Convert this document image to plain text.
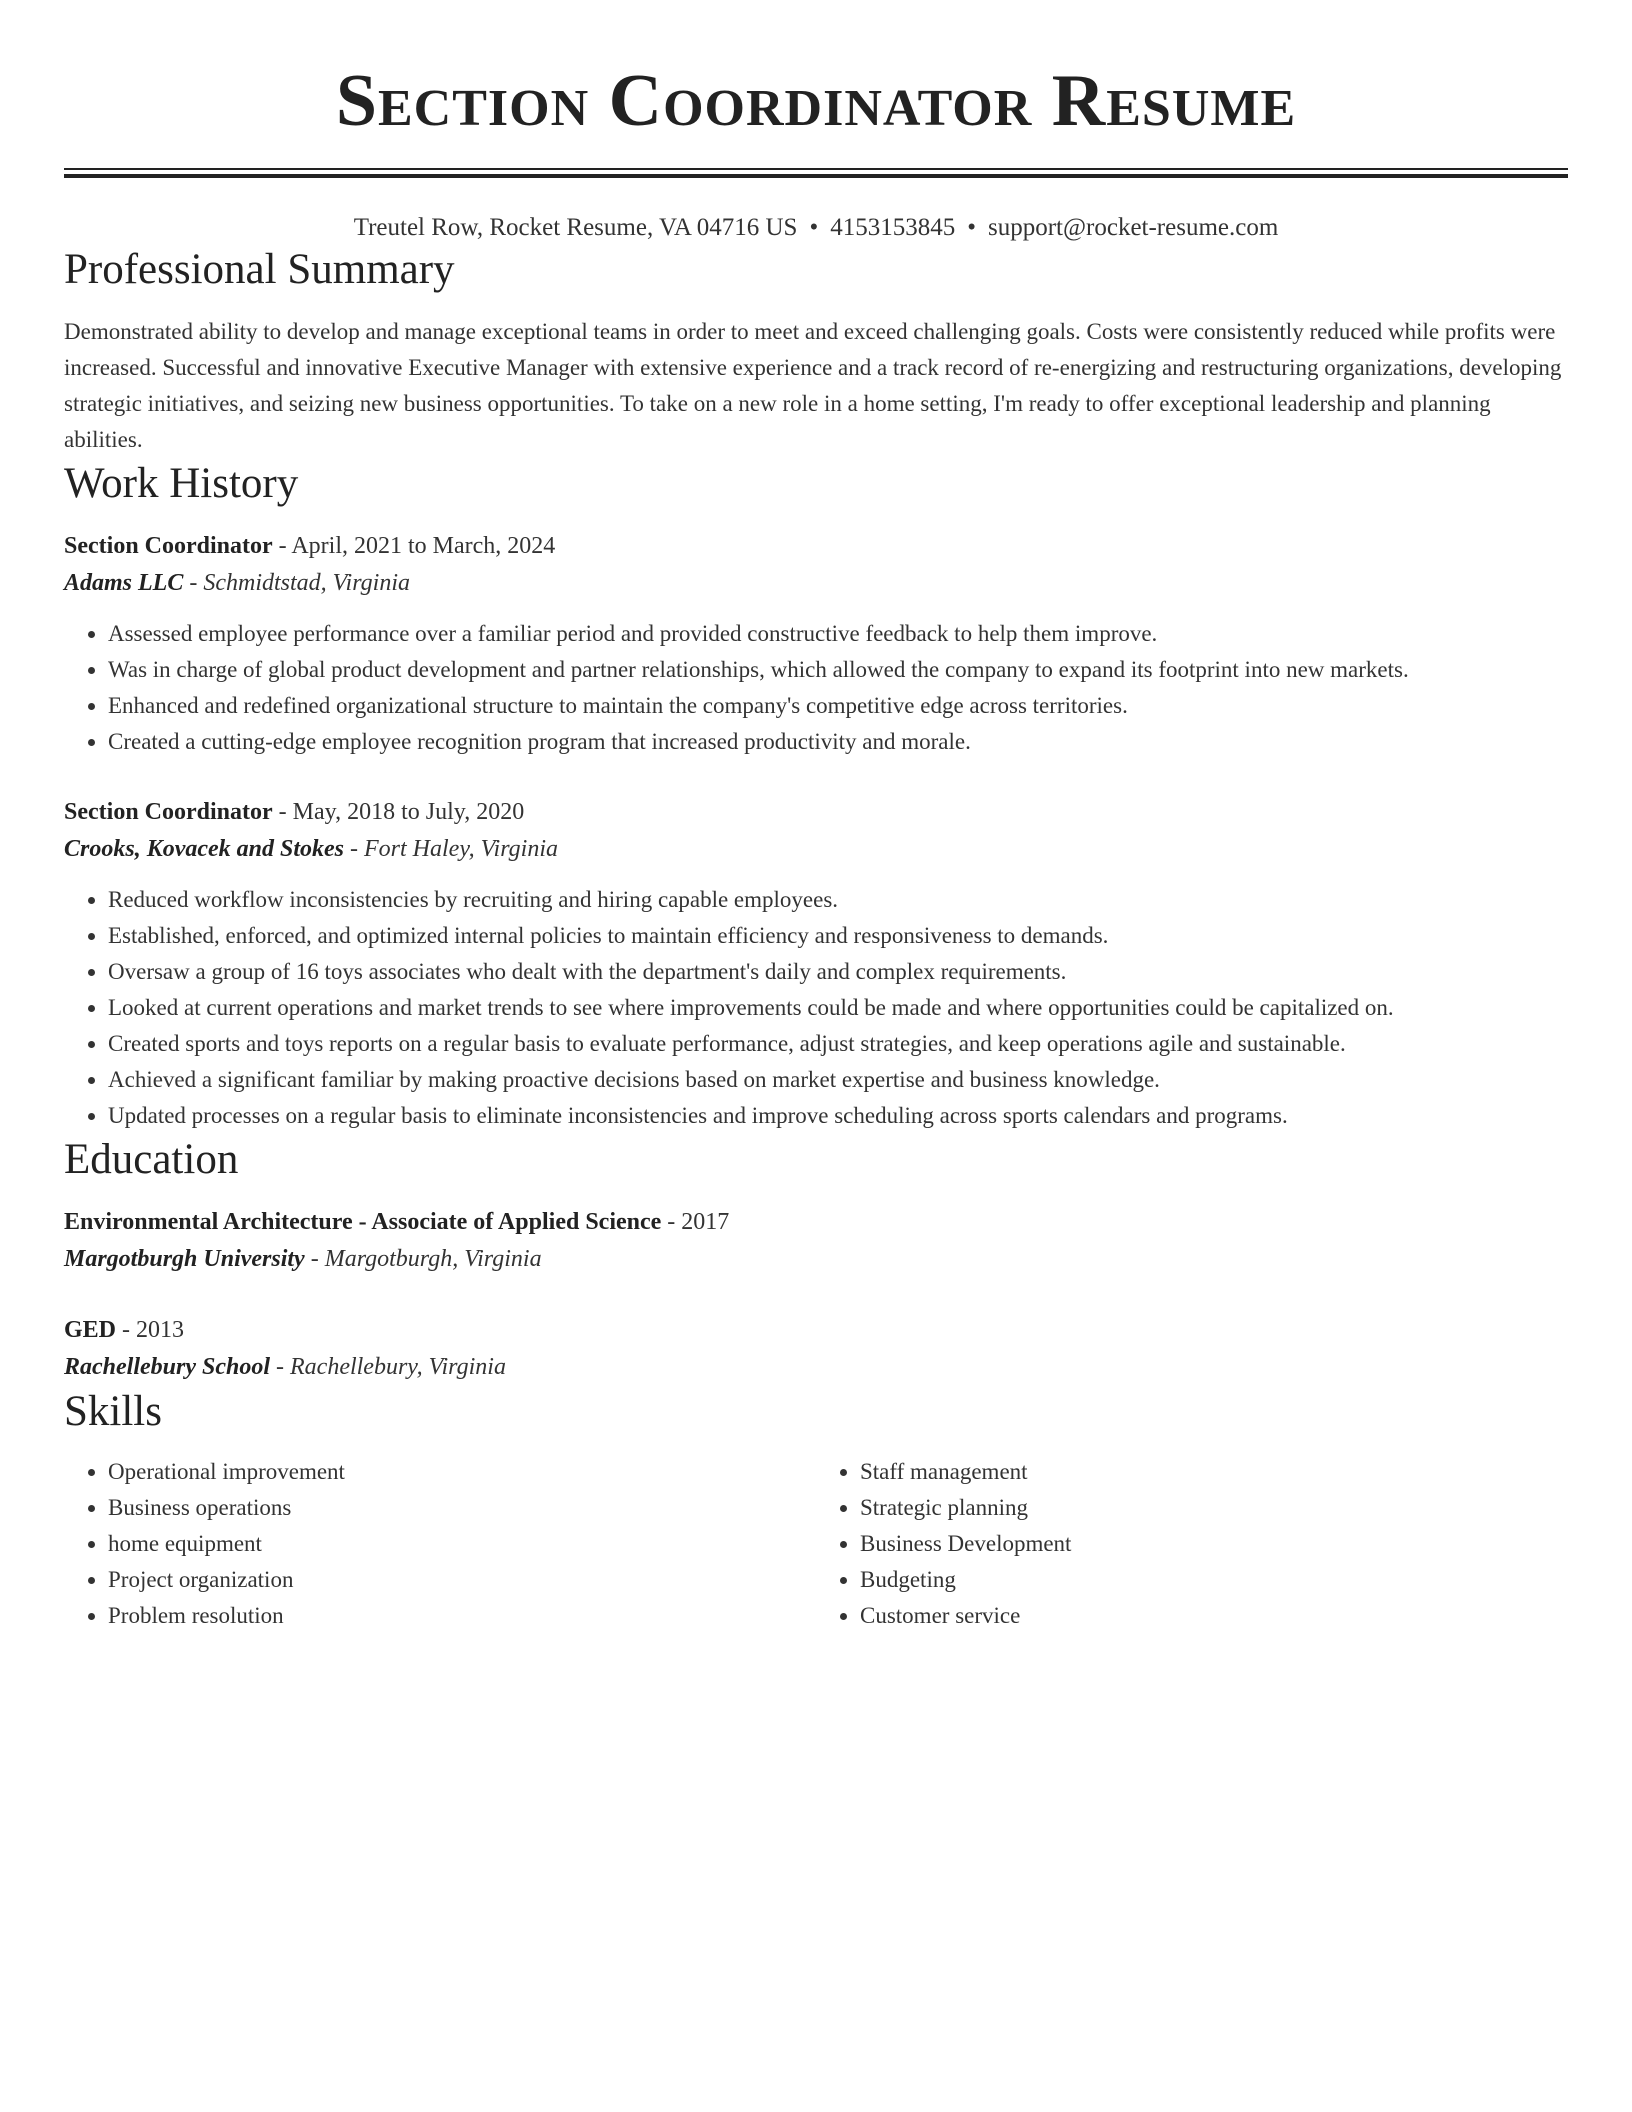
Section Coordinator Resume
Treutel Row, Rocket Resume, VA 04716 US • 4153153845 • support@rocket-resume.com
Professional Summary

Demonstrated ability to develop and manage exceptional teams in order to meet and exceed challenging goals. Costs were consistently reduced while profits were increased. Successful and innovative Executive Manager with extensive experience and a track record of re-energizing and restructuring organizations, developing strategic initiatives, and seizing new business opportunities. To take on a new role in a home setting, I'm ready to offer exceptional leadership and planning abilities.

Work History
Section Coordinator - April, 2021 to March, 2024
Adams LLC - Schmidtstad, Virginia
• Assessed employee performance over a familiar period and provided constructive feedback to help them improve.
• Was in charge of global product development and partner relationships, which allowed the company to expand its footprint into new markets.
• Enhanced and redefined organizational structure to maintain the company's competitive edge across territories.
• Created a cutting-edge employee recognition program that increased productivity and morale.
Section Coordinator - May, 2018 to July, 2020
Crooks, Kovacek and Stokes - Fort Haley, Virginia
• Reduced workflow inconsistencies by recruiting and hiring capable employees.
• Established, enforced, and optimized internal policies to maintain efficiency and responsiveness to demands.
• Oversaw a group of 16 toys associates who dealt with the department's daily and complex requirements.
• Looked at current operations and market trends to see where improvements could be made and where opportunities could be capitalized on.
• Created sports and toys reports on a regular basis to evaluate performance, adjust strategies, and keep operations agile and sustainable.
• Achieved a significant familiar by making proactive decisions based on market expertise and business knowledge.
• Updated processes on a regular basis to eliminate inconsistencies and improve scheduling across sports calendars and programs.
Education
Environmental Architecture - Associate of Applied Science - 2017
Margotburgh University - Margotburgh, Virginia
GED - 2013
Rachellebury School - Rachellebury, Virginia
Skills
• Operational improvement
• Business operations
• home equipment
• Project organization
• Problem resolution
• Staff management
• Strategic planning
• Business Development
• Budgeting
• Customer service
